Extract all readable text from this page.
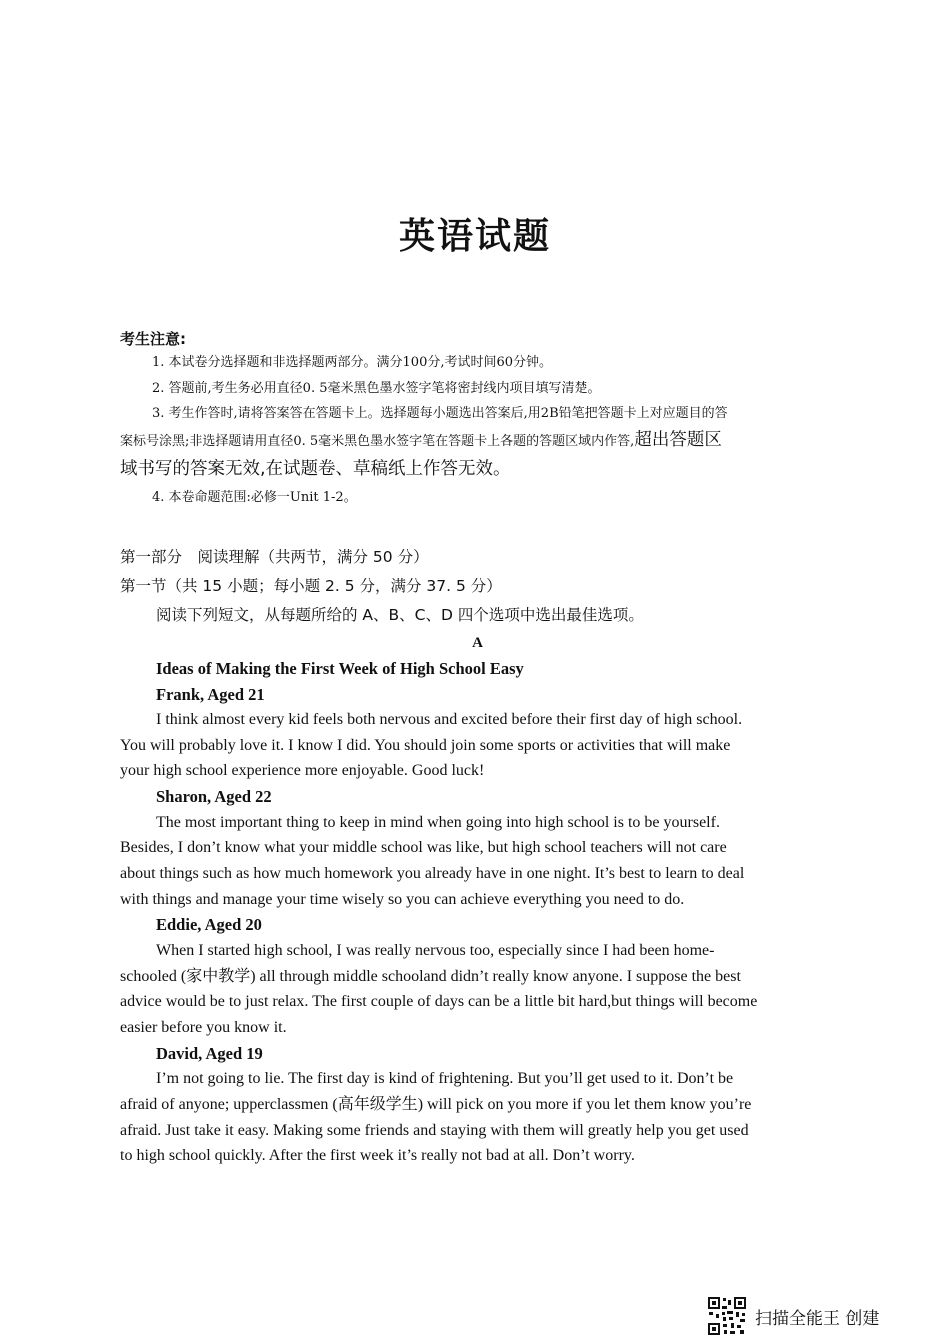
英语试题
考生注意:
1. 本试卷分选择题和非选择题两部分。满分100分,考试时间60分钟。
2. 答题前,考生务必用直径0. 5毫米黑色墨水签字笔将密封线内项目填写清楚。
3. 考生作答时,请将答案答在答题卡上。选择题每小题选出答案后,用2B铅笔把答题卡上对应题目的答
案标号涂黑;非选择题请用直径0. 5毫米黑色墨水签字笔在答题卡上各题的答题区域内作答,超出答题区
域书写的答案无效,在试题卷、草稿纸上作答无效。
4. 本卷命题范围:必修一Unit 1-2。
第一部分　阅读理解（共两节，满分 50 分）
第一节（共 15 小题；每小题 2. 5 分，满分 37. 5 分）
阅读下列短文，从每题所给的 A、B、C、D 四个选项中选出最佳选项。
A
Ideas of Making the First Week of High School Easy
Frank, Aged 21

I think almost every kid feels both nervous and excited before their first day of high school.
You will probably love it. I know I did. You should join some sports or activities that will make
your high school experience more enjoyable. Good luck!

Sharon, Aged 22

The most important thing to keep in mind when going into high school is to be yourself.
Besides, I don’t know what your middle school was like, but high school teachers will not care
about things such as how much homework you already have in one night. It’s best to learn to deal
with things and manage your time wisely so you can achieve everything you need to do.

Eddie, Aged 20

When I started high school, I was really nervous too, especially since I had been home-
schooled (家中教学) all through middle schooland didn’t really know anyone. I suppose the best
advice would be to just relax. The first couple of days can be a little bit hard,but things will become
easier before you know it.

David, Aged 19

I’m not going to lie. The first day is kind of frightening. But you’ll get used to it. Don’t be
afraid of anyone; upperclassmen (高年级学生) will pick on you more if you let them know you’re
afraid. Just take it easy. Making some friends and staying with them will greatly help you get used
to high school quickly. After the first week it’s really not bad at all. Don’t worry.

扫描全能王 创建
